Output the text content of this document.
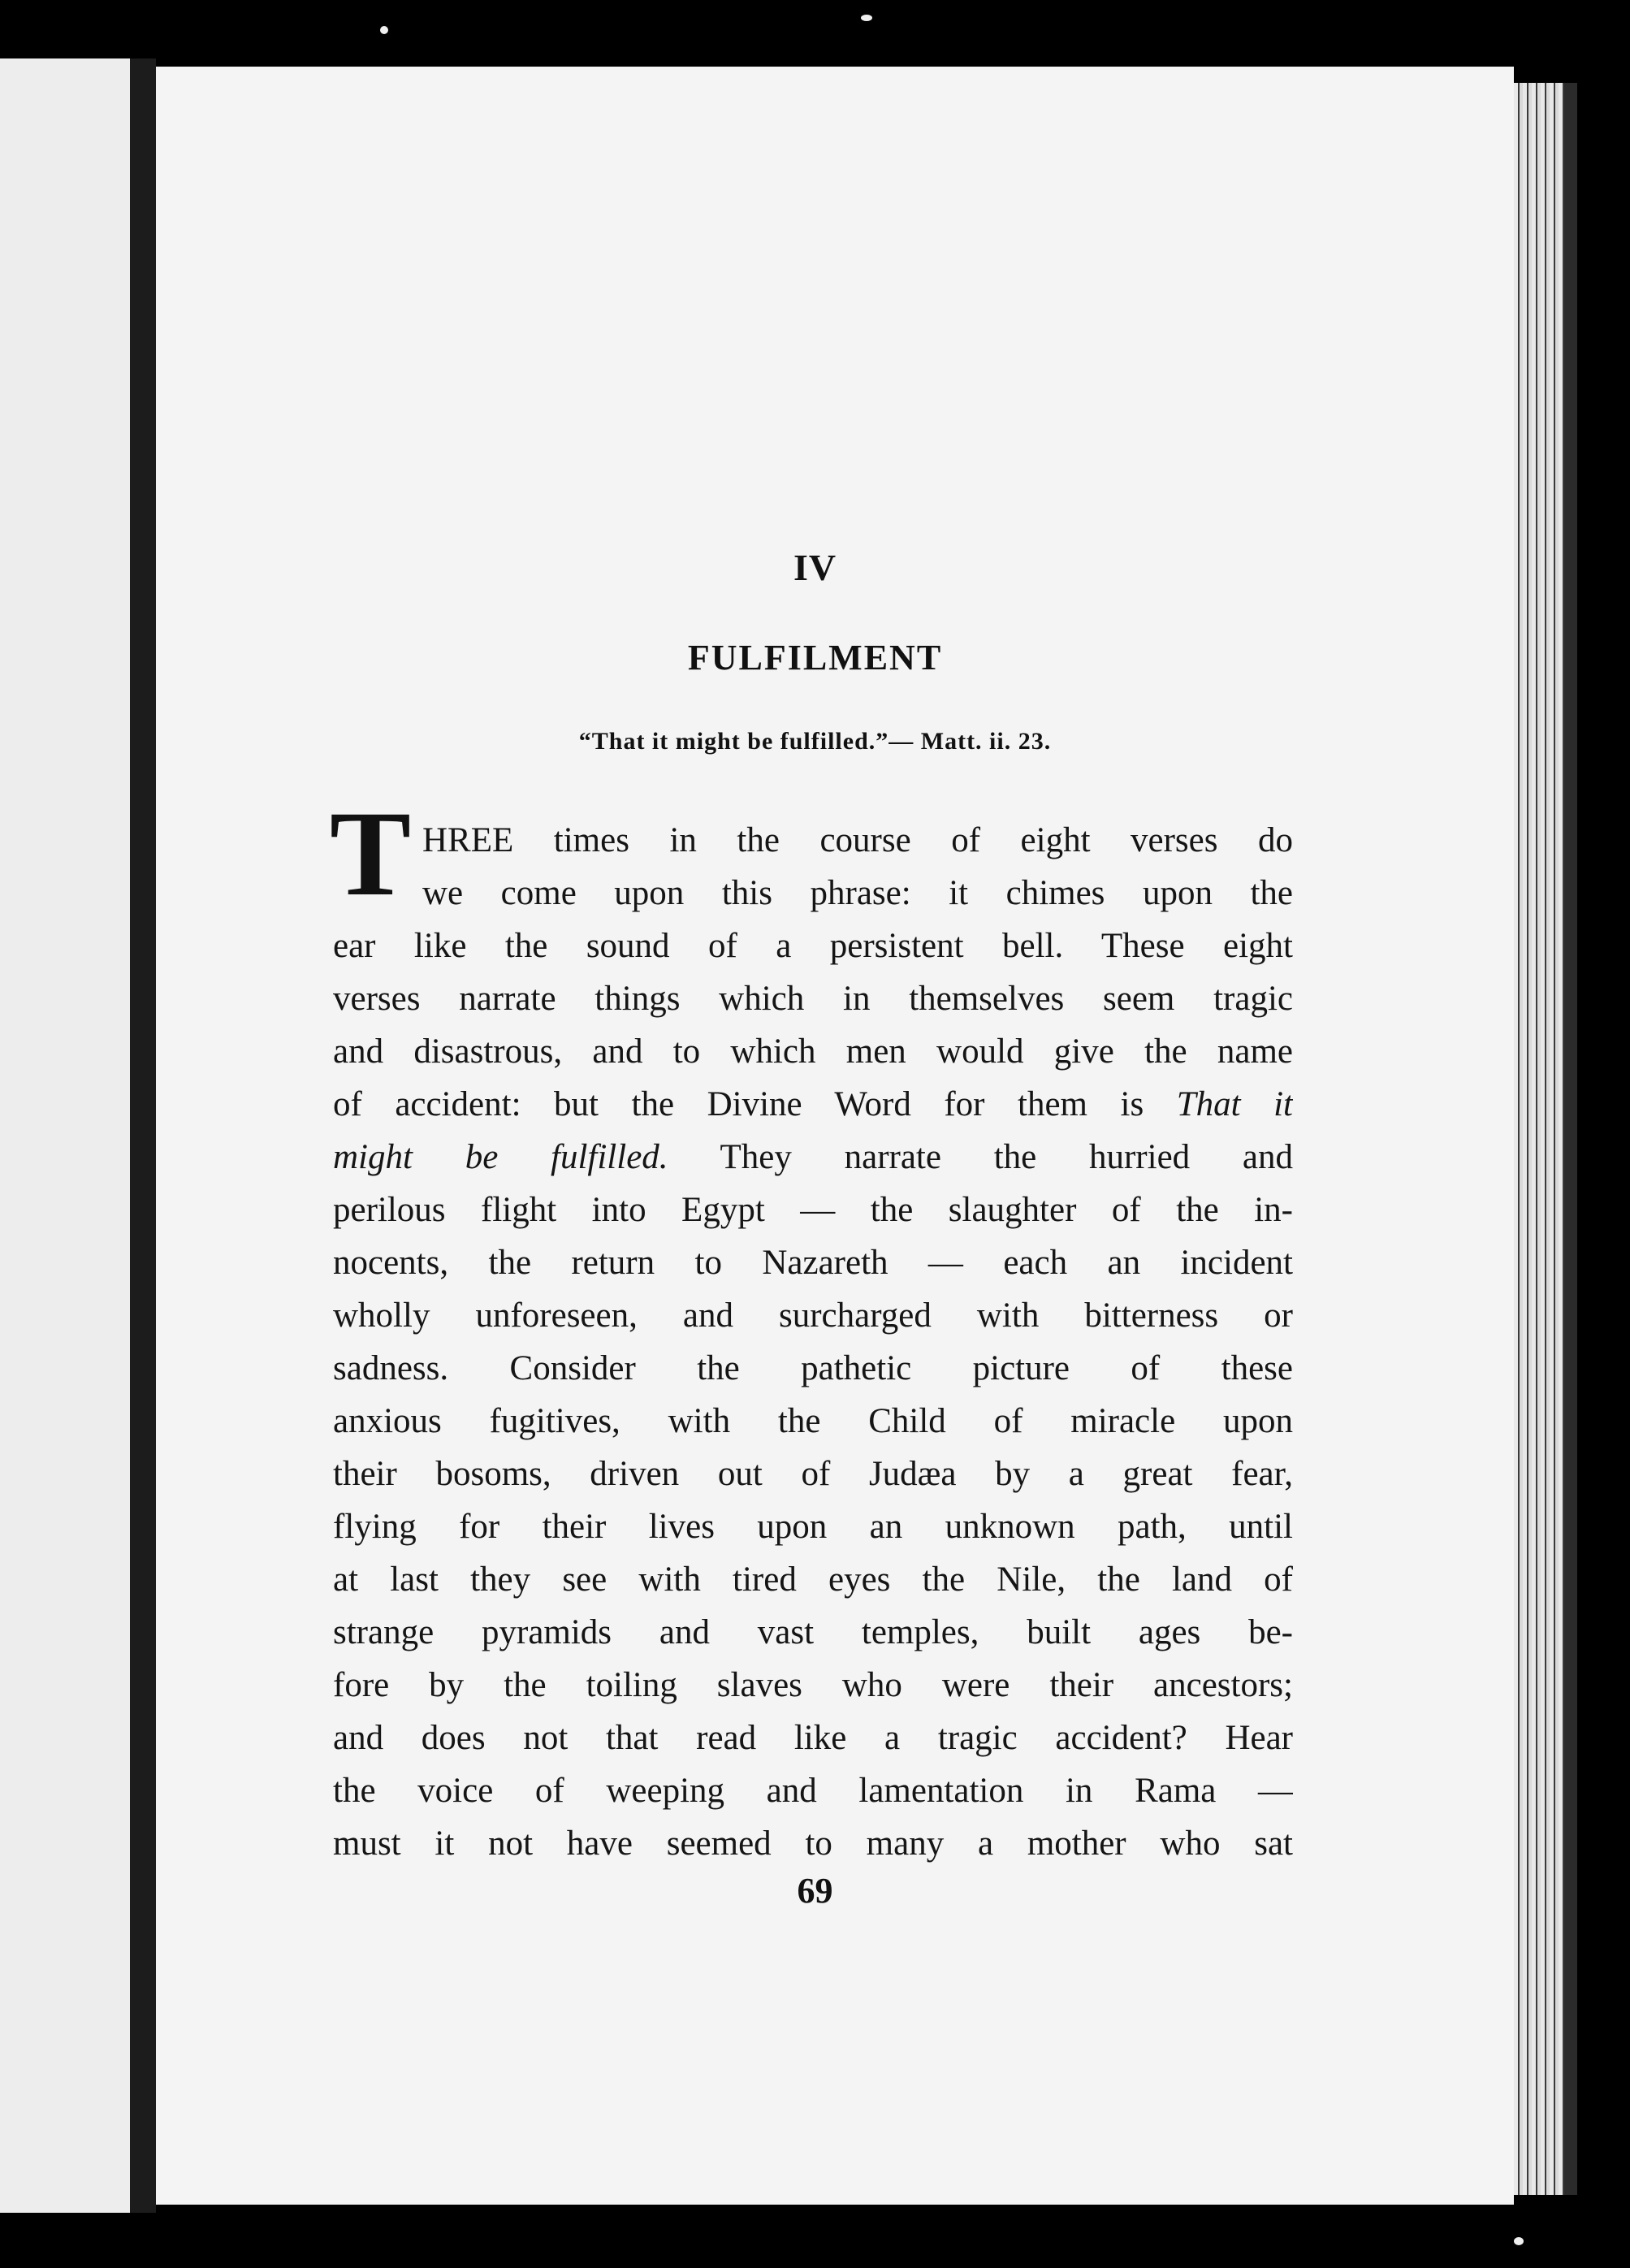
IV
FULFILMENT
“That it might be fulfilled.”— Matt. ii. 23.
T HREE times in the course of eight verses do
we come upon this phrase: it chimes upon the
ear like the sound of a persistent bell. These eight
verses narrate things which in themselves seem tragic
and disastrous, and to which men would give the name
of accident: but the Divine Word for them is That it
might be fulfilled. They narrate the hurried and
perilous flight into Egypt — the slaughter of the in-
nocents, the return to Nazareth — each an incident
wholly unforeseen, and surcharged with bitterness or
sadness. Consider the pathetic picture of these
anxious fugitives, with the Child of miracle upon
their bosoms, driven out of Judæa by a great fear,
flying for their lives upon an unknown path, until
at last they see with tired eyes the Nile, the land of
strange pyramids and vast temples, built ages be-
fore by the toiling slaves who were their ancestors;
and does not that read like a tragic accident? Hear
the voice of weeping and lamentation in Rama —
must it not have seemed to many a mother who sat
69
